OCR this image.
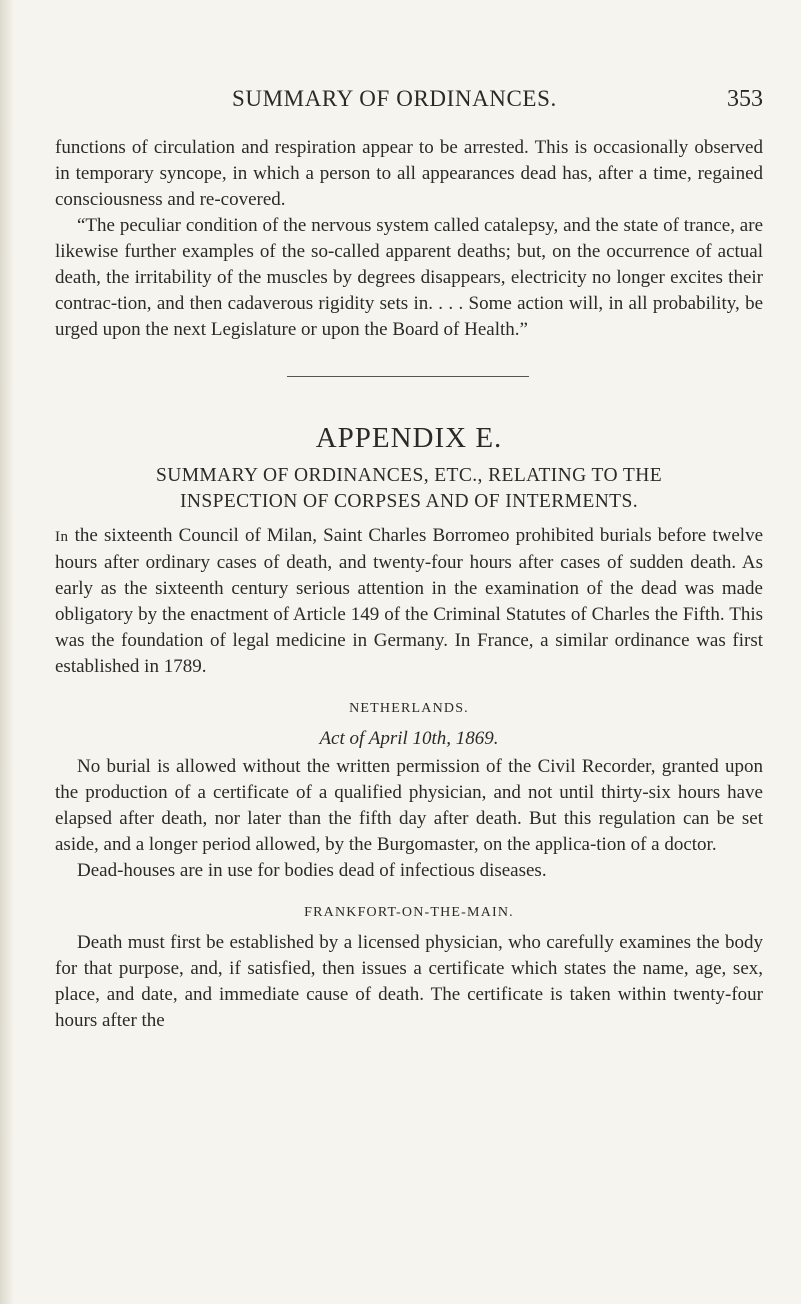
SUMMARY OF ORDINANCES.	353

functions of circulation and respiration appear to be arrested. This is occasionally observed in temporary syncope, in which a person to all appearances dead has, after a time, regained consciousness and re-covered.

“The peculiar condition of the nervous system called catalepsy, and the state of trance, are likewise further examples of the so-called apparent deaths; but, on the occurrence of actual death, the irritability of the muscles by degrees disappears, electricity no longer excites their contrac-tion, and then cadaverous rigidity sets in. . . . Some action will, in all probability, be urged upon the next Legislature or upon the Board of Health.”

APPENDIX E.
SUMMARY OF ORDINANCES, ETC., RELATING TO THE
INSPECTION OF CORPSES AND OF INTERMENTS.

In the sixteenth Council of Milan, Saint Charles Borromeo prohibited burials before twelve hours after ordinary cases of death, and twenty-four hours after cases of sudden death. As early as the sixteenth century serious attention in the examination of the dead was made obligatory by the enactment of Article 149 of the Criminal Statutes of Charles the Fifth. This was the foundation of legal medicine in Germany. In France, a similar ordinance was first established in 1789.

NETHERLANDS.
Act of April 10th, 1869.

No burial is allowed without the written permission of the Civil Recorder, granted upon the production of a certificate of a qualified physician, and not until thirty-six hours have elapsed after death, nor later than the fifth day after death. But this regulation can be set aside, and a longer period allowed, by the Burgomaster, on the applica-tion of a doctor.

Dead-houses are in use for bodies dead of infectious diseases.

FRANKFORT-ON-THE-MAIN.

Death must first be established by a licensed physician, who carefully examines the body for that purpose, and, if satisfied, then issues a certificate which states the name, age, sex, place, and date, and immediate cause of death. The certificate is taken within twenty-four hours after the
